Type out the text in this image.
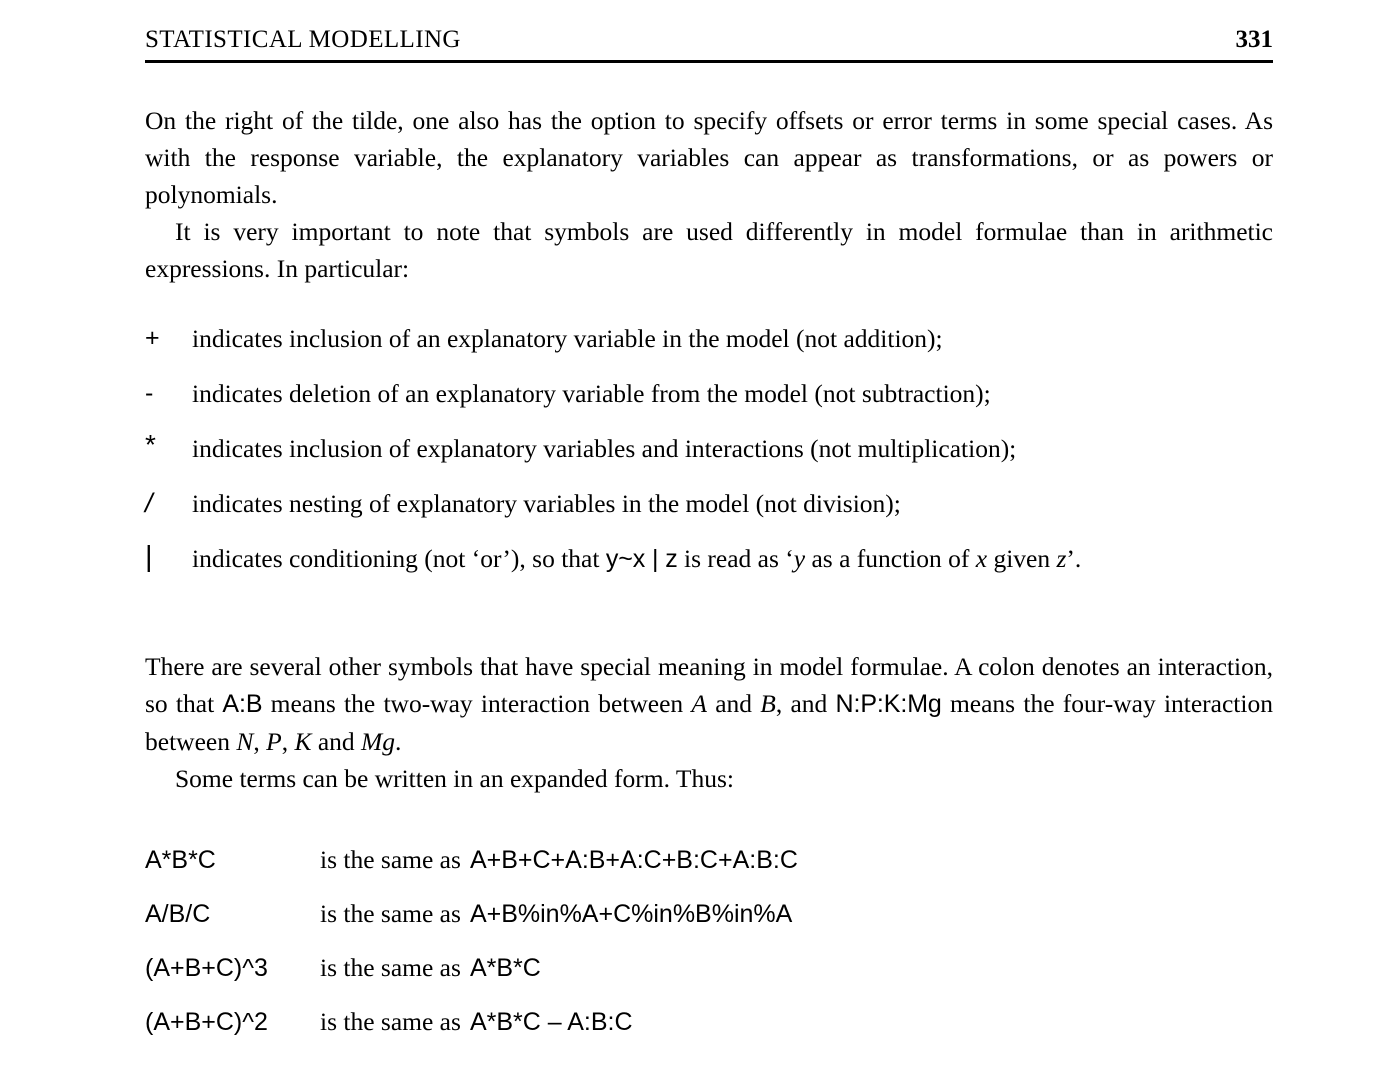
STATISTICAL MODELLING	331
On the right of the tilde, one also has the option to specify offsets or error terms in some special cases. As with the response variable, the explanatory variables can appear as transformations, or as powers or polynomials.
It is very important to note that symbols are used differently in model formulae than in arithmetic expressions. In particular:
+ indicates inclusion of an explanatory variable in the model (not addition);
- indicates deletion of an explanatory variable from the model (not subtraction);
* indicates inclusion of explanatory variables and interactions (not multiplication);
/ indicates nesting of explanatory variables in the model (not division);
| indicates conditioning (not ‘or’), so that y~x | z is read as ‘y as a function of x given z’.
There are several other symbols that have special meaning in model formulae. A colon denotes an interaction, so that A:B means the two-way interaction between A and B, and N:P:K:Mg means the four-way interaction between N, P, K and Mg.
Some terms can be written in an expanded form. Thus:
A*B*C	is the same as A+B+C+A:B+A:C+B:C+A:B:C
A/B/C	is the same as A+B%in%A+C%in%B%in%A
(A+B+C)^3	is the same as A*B*C
(A+B+C)^2	is the same as A*B*C – A:B:C
